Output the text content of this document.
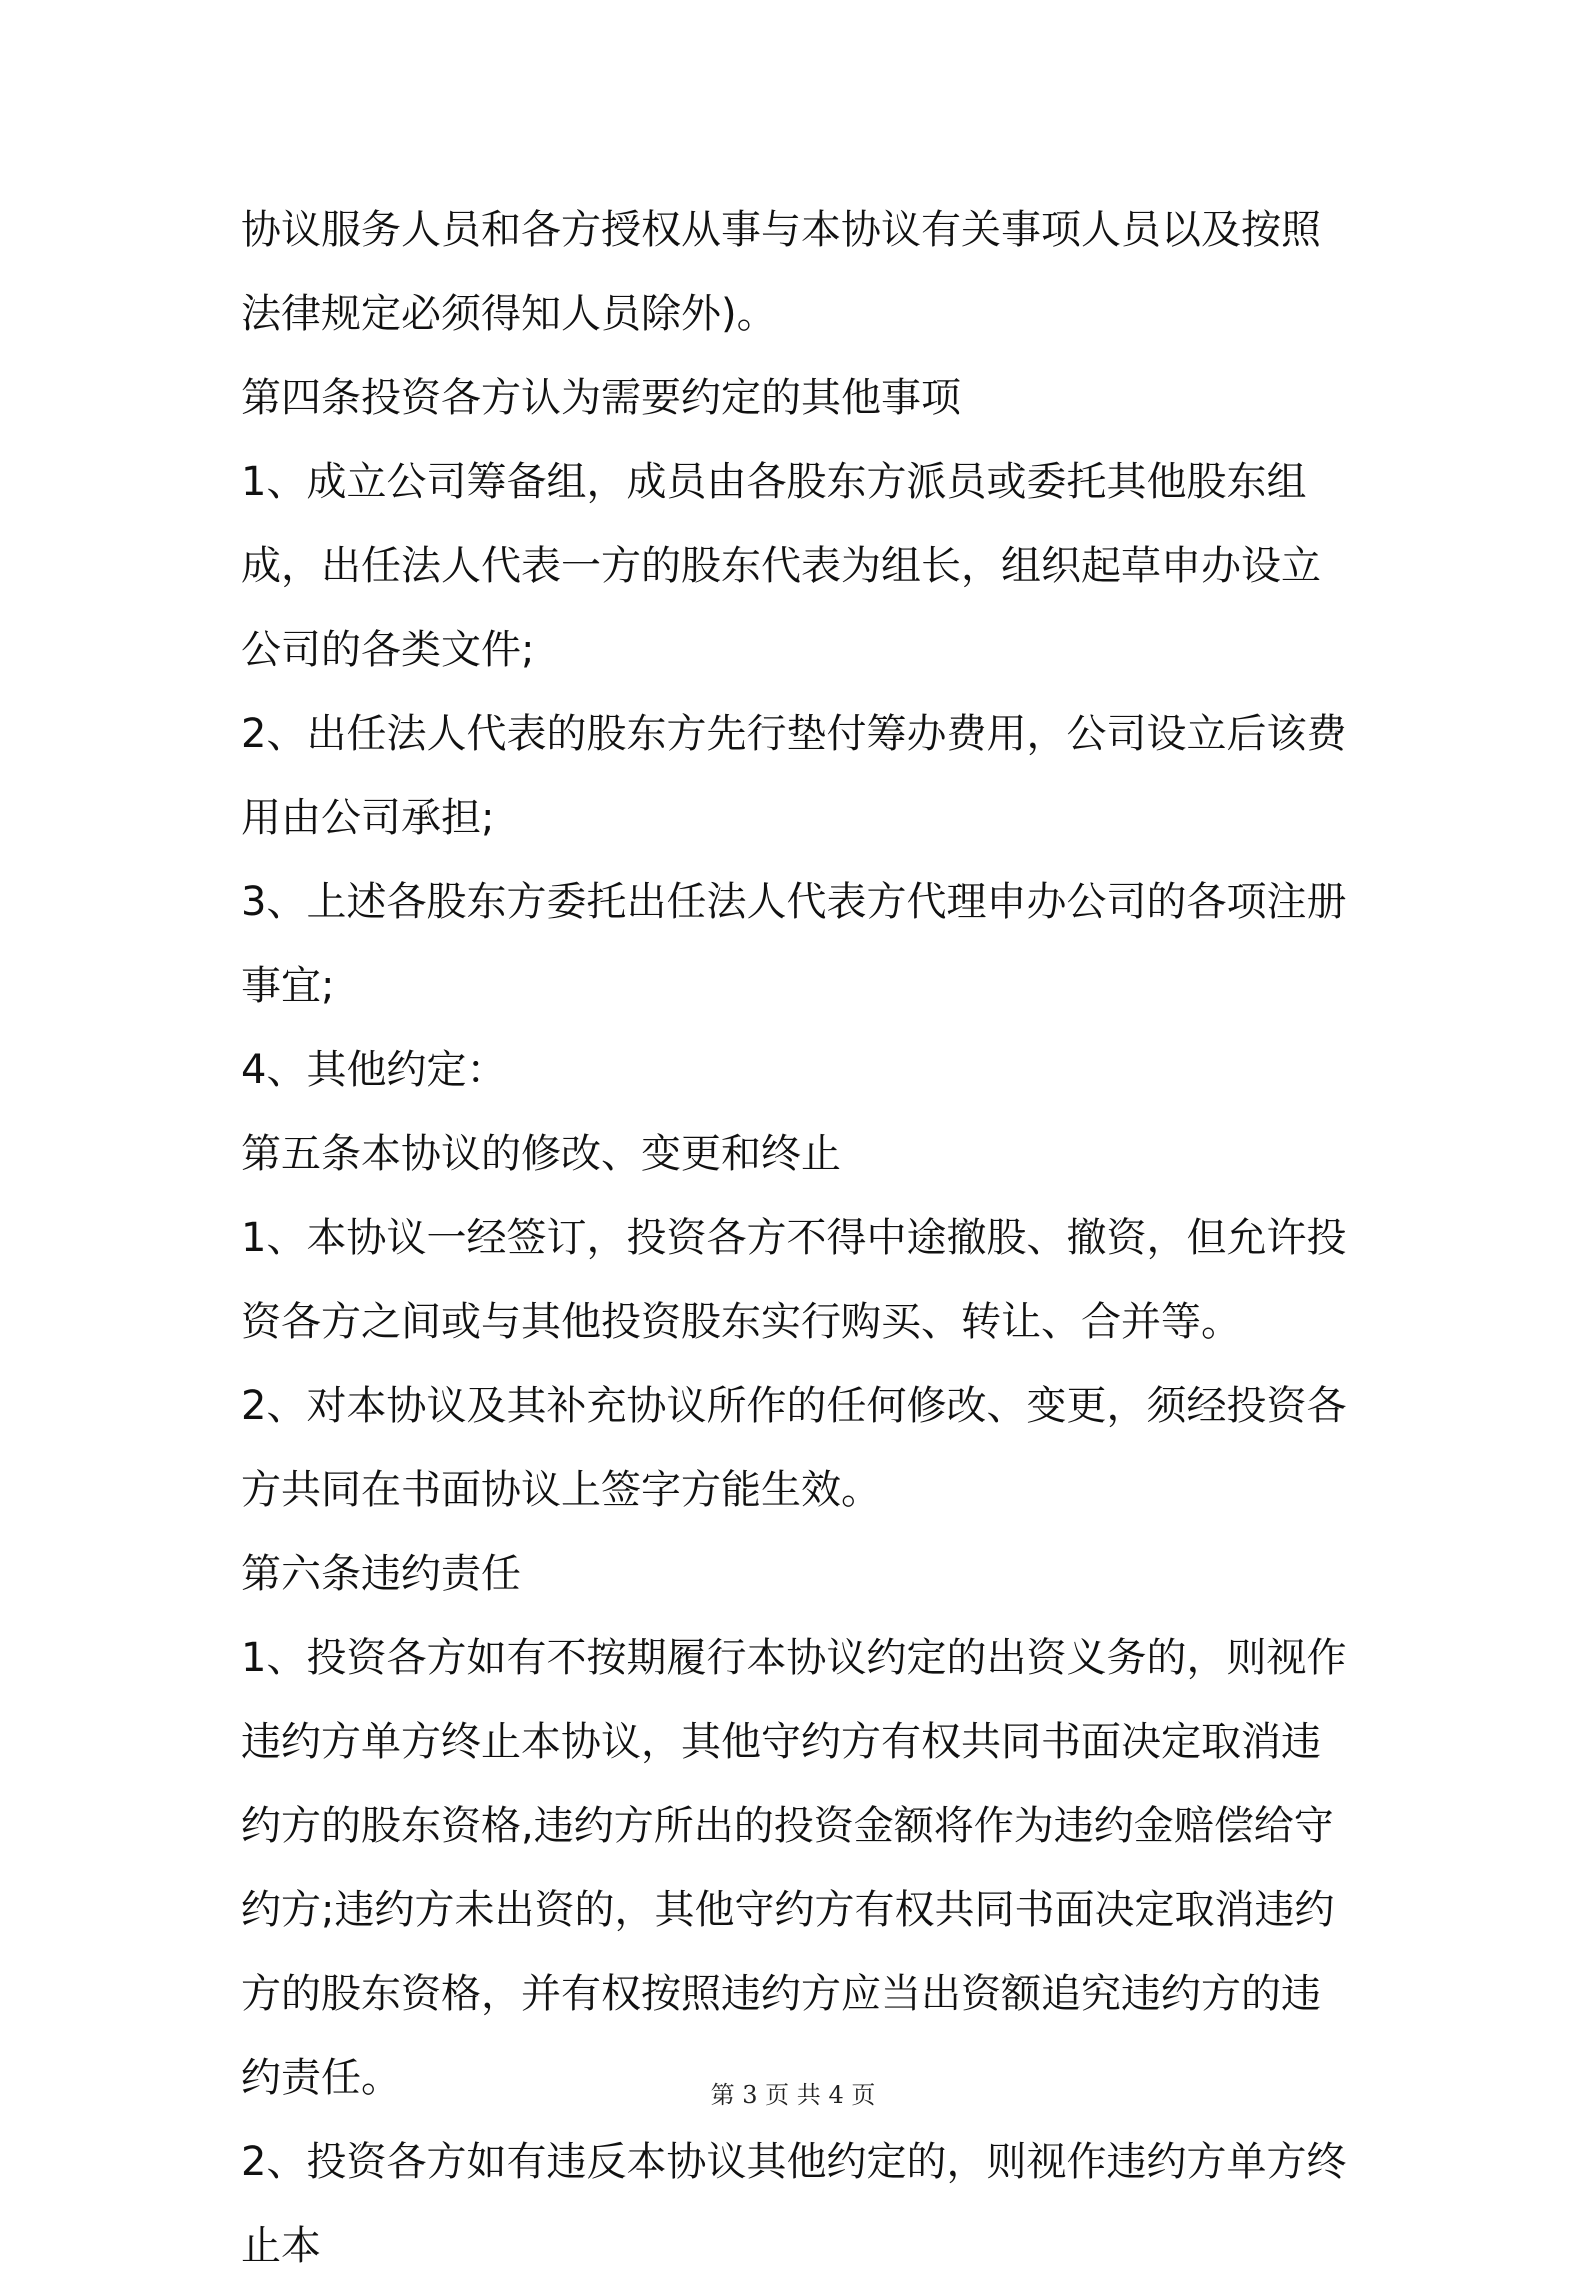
协议服务人员和各方授权从事与本协议有关事项人员以及按照法律规定必须得知人员除外)。

第四条投资各方认为需要约定的其他事项

1、成立公司筹备组，成员由各股东方派员或委托其他股东组成，出任法人代表一方的股东代表为组长，组织起草申办设立公司的各类文件;

2、出任法人代表的股东方先行垫付筹办费用，公司设立后该费用由公司承担;

3、上述各股东方委托出任法人代表方代理申办公司的各项注册事宜;

4、其他约定：

第五条本协议的修改、变更和终止

1、本协议一经签订，投资各方不得中途撤股、撤资，但允许投资各方之间或与其他投资股东实行购买、转让、合并等。

2、对本协议及其补充协议所作的任何修改、变更，须经投资各方共同在书面协议上签字方能生效。

第六条违约责任

1、投资各方如有不按期履行本协议约定的出资义务的，则视作违约方单方终止本协议，其他守约方有权共同书面决定取消违约方的股东资格,违约方所出的投资金额将作为违约金赔偿给守约方;违约方未出资的，其他守约方有权共同书面决定取消违约方的股东资格，并有权按照违约方应当出资额追究违约方的违约责任。

2、投资各方如有违反本协议其他约定的，则视作违约方单方终止本

第 3 页 共 4 页
